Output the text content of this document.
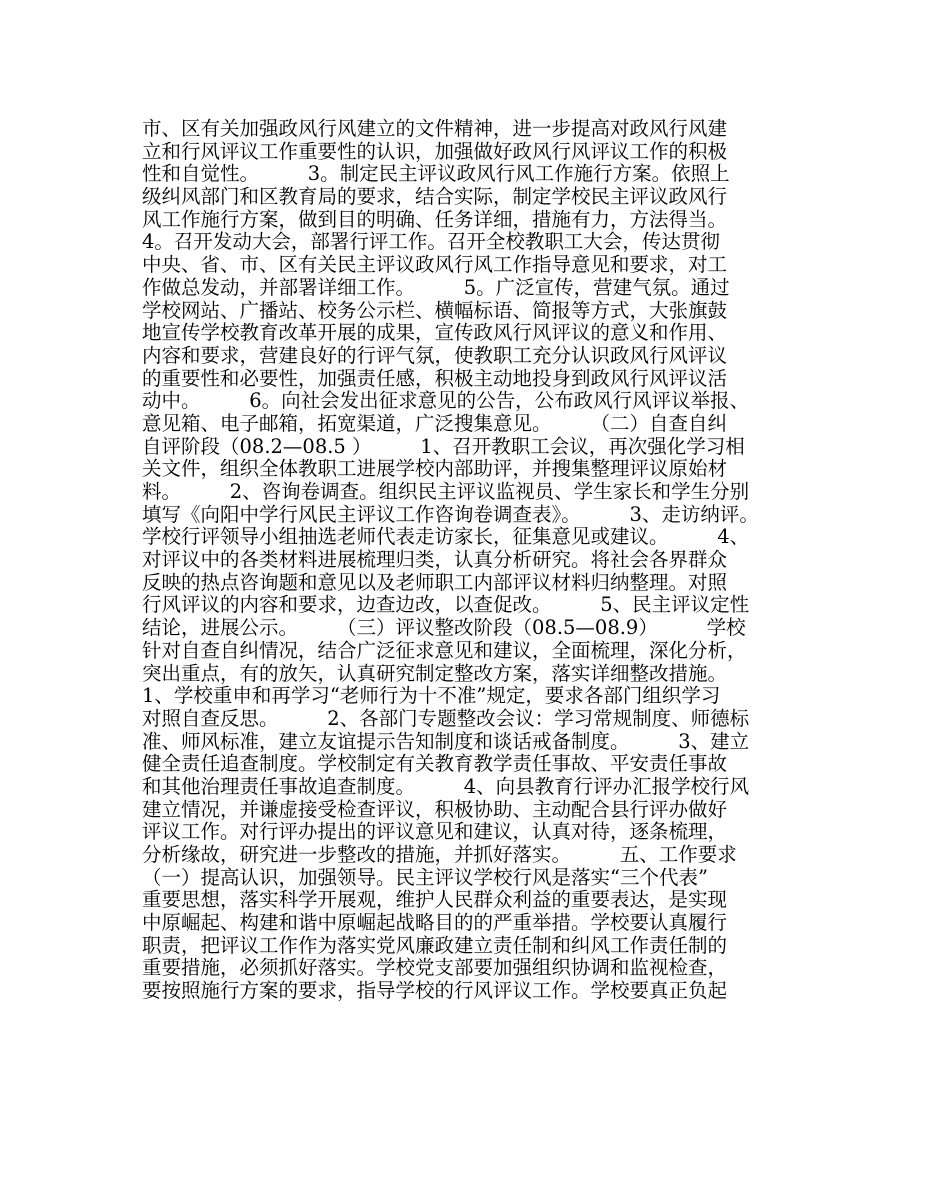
市、区有关加强政风行风建立的文件精神，进一步提高对政风行风建
立和行风评议工作重要性的认识，加强做好政风行风评议工作的积极
性和自觉性。　　　3。制定民主评议政风行风工作施行方案。依照上
级纠风部门和区教育局的要求，结合实际，制定学校民主评议政风行
风工作施行方案，做到目的明确、任务详细，措施有力，方法得当。
4。召开发动大会，部署行评工作。召开全校教职工大会，传达贯彻
中央、省、市、区有关民主评议政风行风工作指导意见和要求，对工
作做总发动，并部署详细工作。　　　5。广泛宣传，营建气氛。通过
学校网站、广播站、校务公示栏、横幅标语、简报等方式，大张旗鼓
地宣传学校教育改革开展的成果，宣传政风行风评议的意义和作用、
内容和要求，营建良好的行评气氛，使教职工充分认识政风行风评议
的重要性和必要性，加强责任感，积极主动地投身到政风行风评议活
动中。　　　6。向社会发出征求意见的公告，公布政风行风评议举报、
意见箱、电子邮箱，拓宽渠道，广泛搜集意见。　　　（二）自查自纠
自评阶段（08.2—08.5 ）　　　1、召开教职工会议，再次强化学习相
关文件，组织全体教职工进展学校内部助评，并搜集整理评议原始材
料。　　　2、咨询卷调查。组织民主评议监视员、学生家长和学生分别
填写《向阳中学行风民主评议工作咨询卷调查表》。　　　3、走访纳评。
学校行评领导小组抽选老师代表走访家长，征集意见或建议。　　　4、
对评议中的各类材料进展梳理归类，认真分析研究。将社会各界群众
反映的热点咨询题和意见以及老师职工内部评议材料归纳整理。对照
行风评议的内容和要求，边查边改，以查促改。　　　5、民主评议定性
结论，进展公示。　　　（三）评议整改阶段（08.5—08.9）　　　学校
针对自查自纠情况，结合广泛征求意见和建议，全面梳理，深化分析，
突出重点，有的放矢，认真研究制定整改方案，落实详细整改措施。
1、学校重申和再学习“老师行为十不准”规定，要求各部门组织学习
对照自查反思。　　　2、各部门专题整改会议：学习常规制度、师德标
准、师风标准，建立友谊提示告知制度和谈话戒备制度。　　　3、建立
健全责任追查制度。学校制定有关教育教学责任事故、平安责任事故
和其他治理责任事故追查制度。　　　4、向县教育行评办汇报学校行风
建立情况，并谦虚接受检查评议，积极协助、主动配合县行评办做好
评议工作。对行评办提出的评议意见和建议，认真对待，逐条梳理，
分析缘故，研究进一步整改的措施，并抓好落实。　　　五、工作要求
（一）提高认识，加强领导。民主评议学校行风是落实“三个代表”
重要思想，落实科学开展观，维护人民群众利益的重要表达，是实现
中原崛起、构建和谐中原崛起战略目的的严重举措。学校要认真履行
职责，把评议工作作为落实党风廉政建立责任制和纠风工作责任制的
重要措施，必须抓好落实。学校党支部要加强组织协调和监视检查，
要按照施行方案的要求，指导学校的行风评议工作。学校要真正负起
